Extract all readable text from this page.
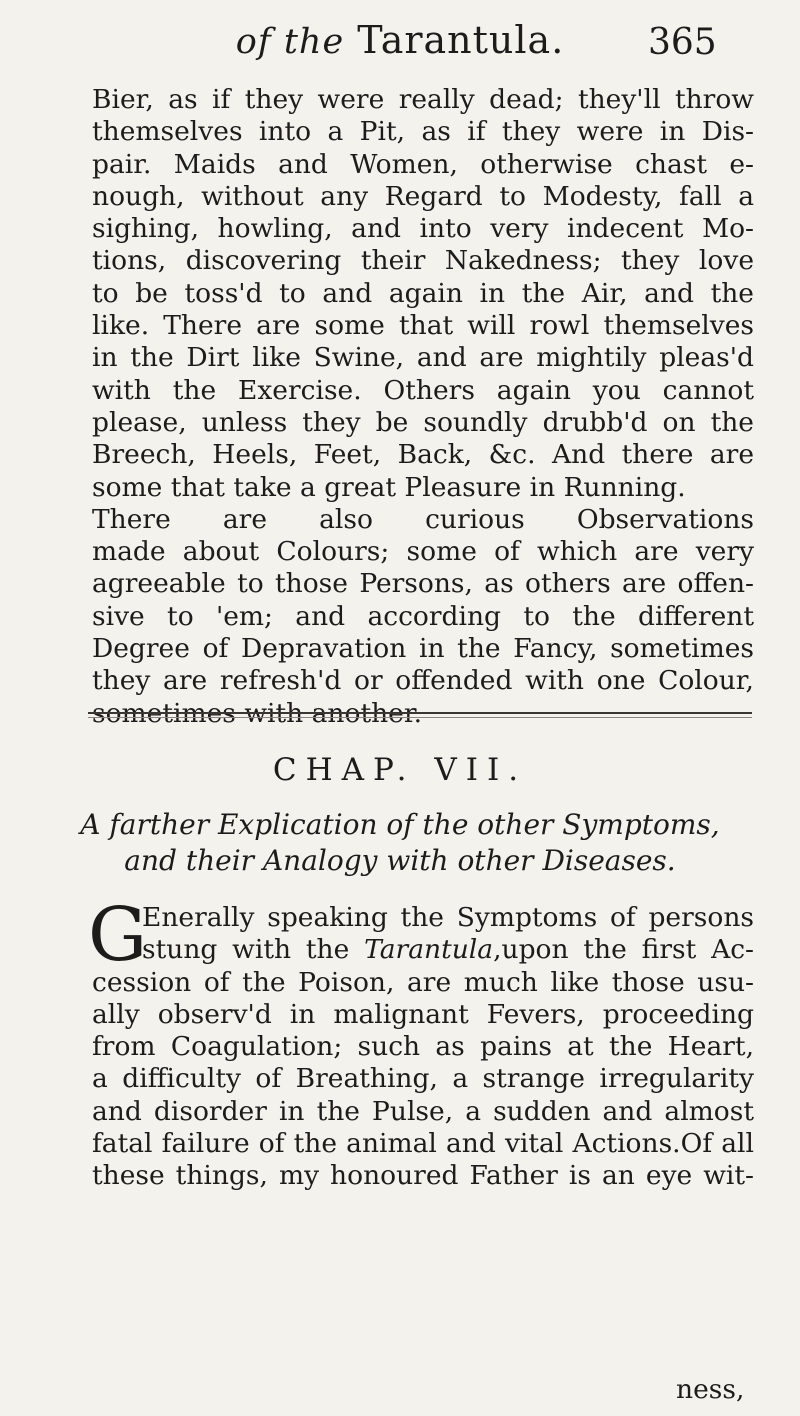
of the Tarantula. 365
Bier, as if they were really dead; they'll throw
themselves into a Pit, as if they were in Dis-
pair. Maids and Women, otherwise chast e-
nough, without any Regard to Modesty, fall a
sighing, howling, and into very indecent Mo-
tions, discovering their Nakedness; they love
to be toss'd to and again in the Air, and the
like. There are some that will rowl themselves
in the Dirt like Swine, and are mightily pleas'd
with the Exercise. Others again you cannot
please, unless they be soundly drubb'd on the
Breech, Heels, Feet, Back, &c. And there are
some that take a great Pleasure in Running.
There are also curious Observations
made about Colours; some of which are very
agreeable to those Persons, as others are offen-
sive to 'em; and according to the different
Degree of Depravation in the Fancy, sometimes
they are refresh'd or offended with one Colour,
sometimes with another.
CHAP. VII.
A farther Explication of the other Symptoms,
and their Analogy with other Diseases.
G
Enerally speaking the Symptoms of persons
stung with the Tarantula,upon the first Ac-
cession of the Poison, are much like those usu-
ally observ'd in malignant Fevers, proceeding
from Coagulation; such as pains at the Heart,
a difficulty of Breathing, a strange irregularity
and disorder in the Pulse, a sudden and almost
fatal failure of the animal and vital Actions.Of all
these things, my honoured Father is an eye wit-
ness,
